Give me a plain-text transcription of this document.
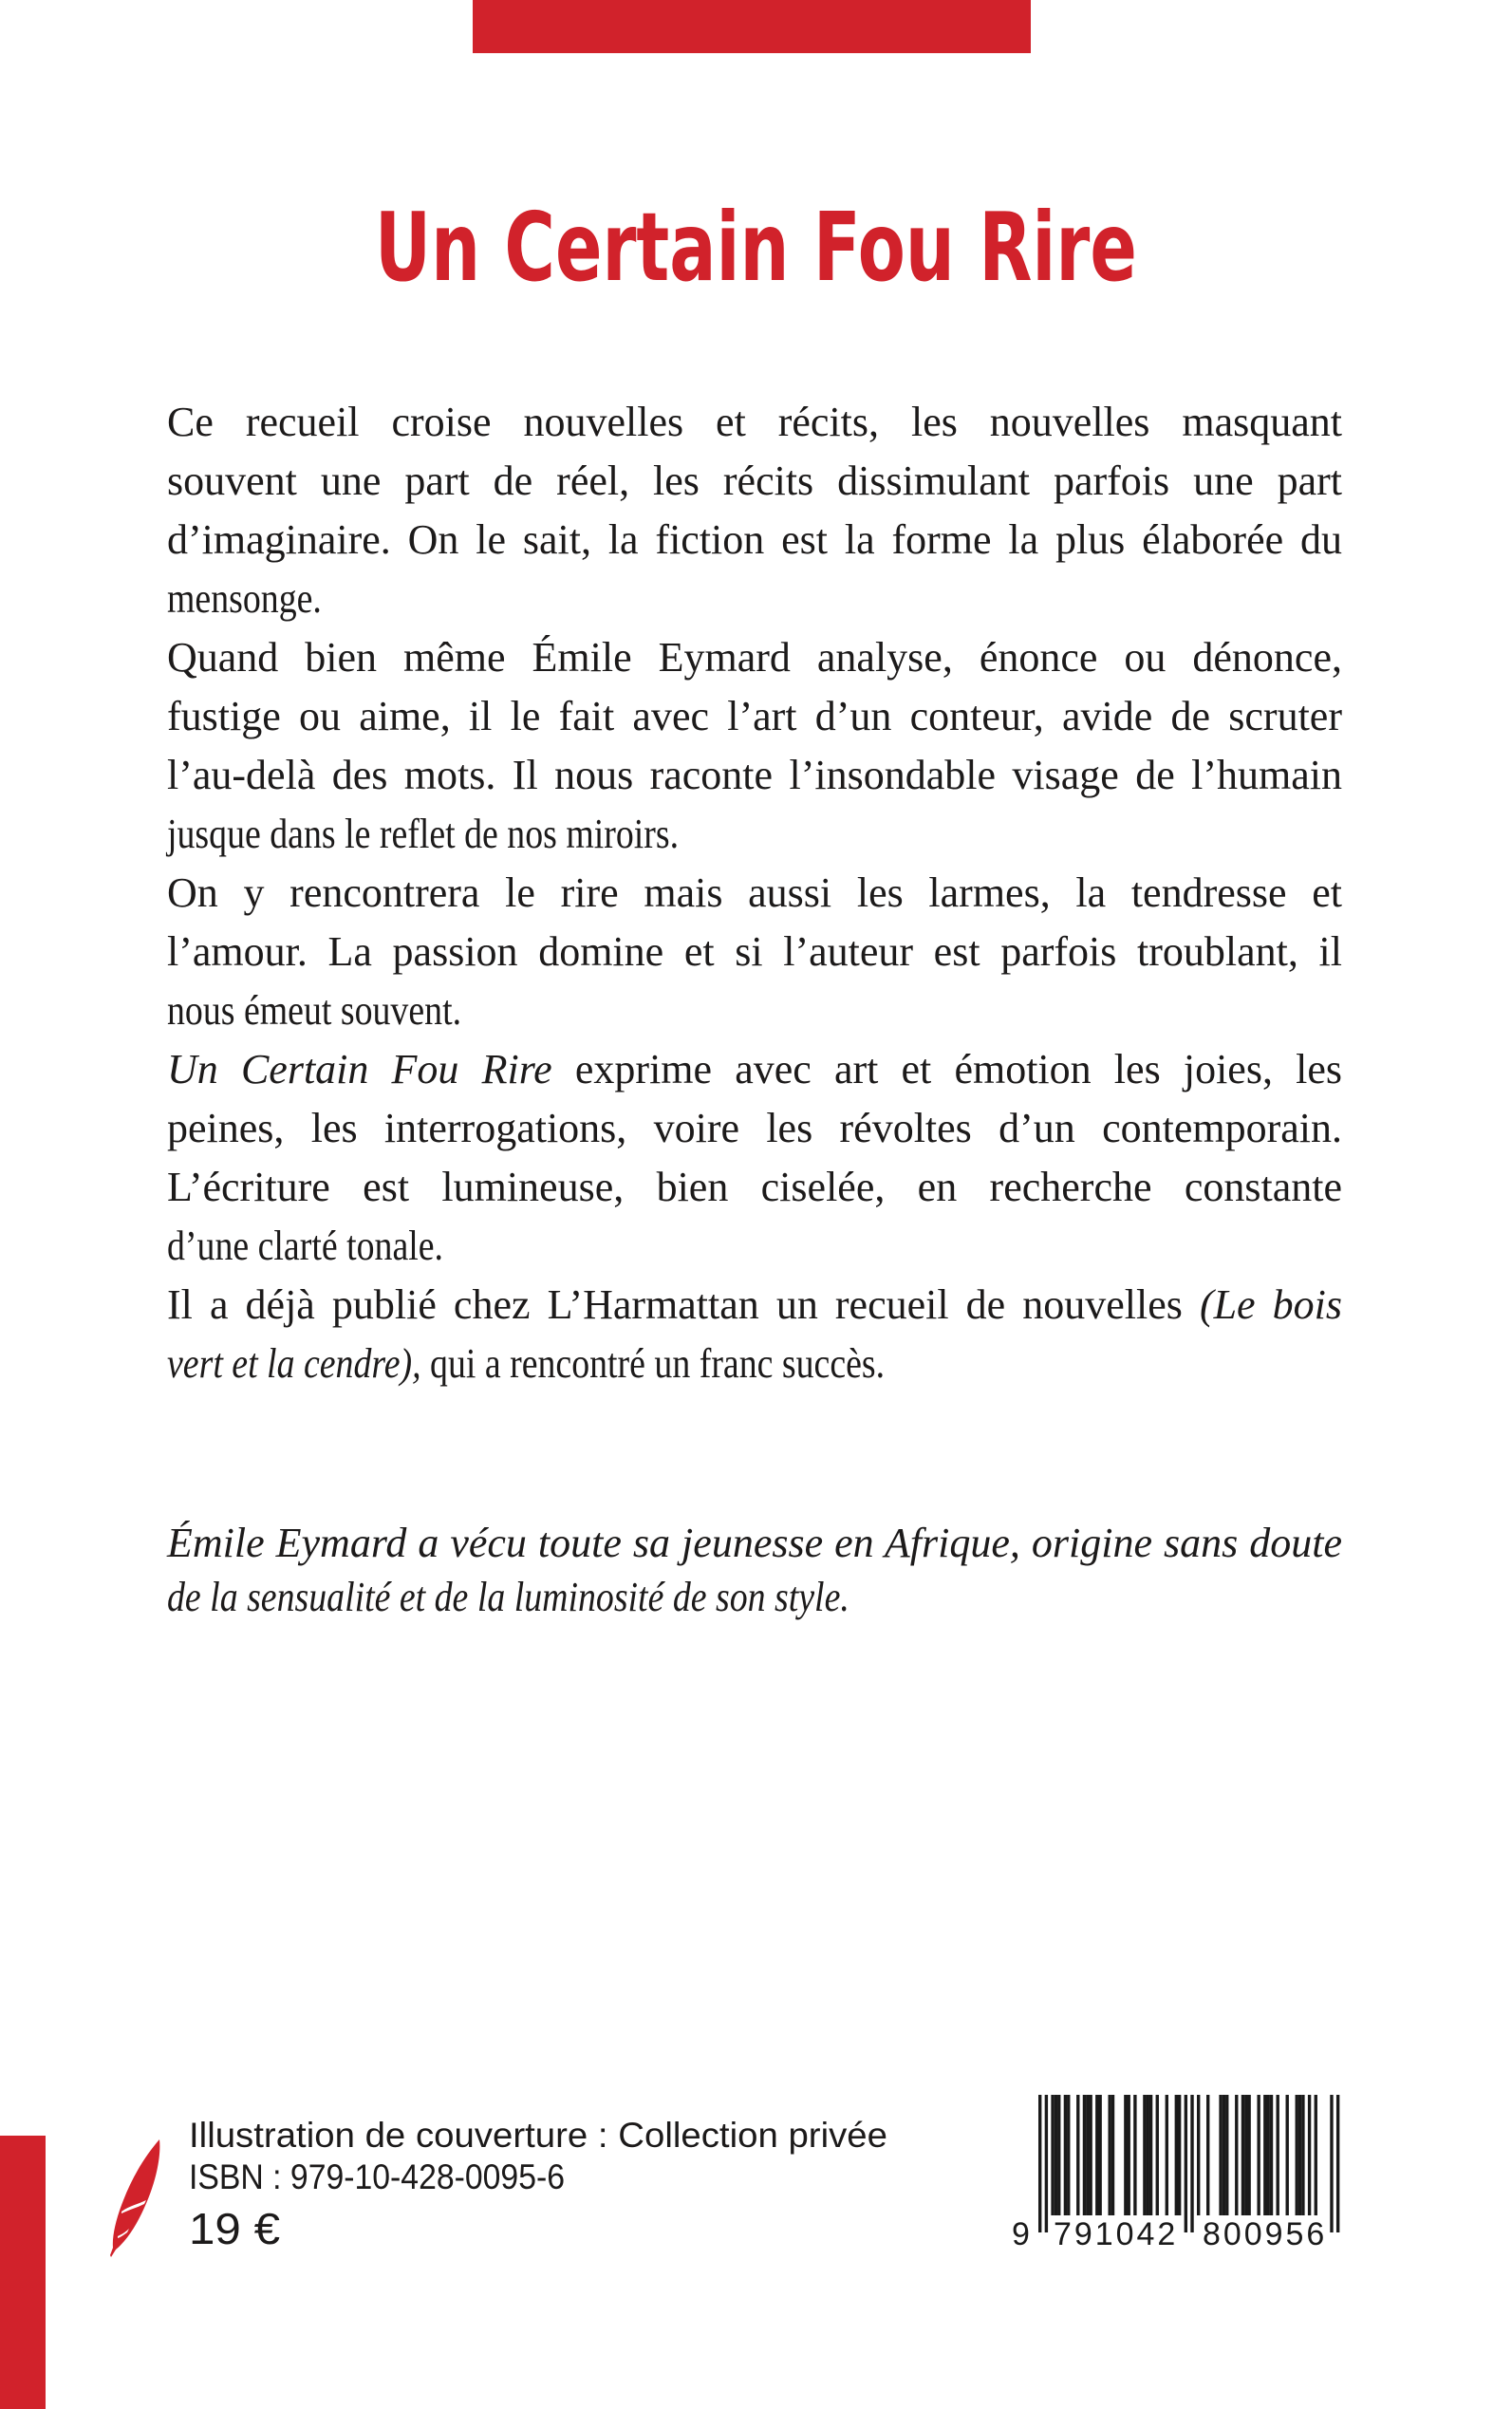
Un Certain Fou Rire
Ce recueil croise nouvelles et récits, les nouvelles masquant
souvent une part de réel, les récits dissimulant parfois une part
d’imaginaire. On le sait, la fiction est la forme la plus élaborée du
mensonge.
Quand bien même Émile Eymard analyse, énonce ou dénonce,
fustige ou aime, il le fait avec l’art d’un conteur, avide de scruter
l’au-delà des mots. Il nous raconte l’insondable visage de l’humain
jusque dans le reflet de nos miroirs.
On y rencontrera le rire mais aussi les larmes, la tendresse et
l’amour. La passion domine et si l’auteur est parfois troublant, il
nous émeut souvent.
Un Certain Fou Rire exprime avec art et émotion les joies, les
peines, les interrogations, voire les révoltes d’un contemporain.
L’écriture est lumineuse, bien ciselée, en recherche constante
d’une clarté tonale.
Il a déjà publié chez L’Harmattan un recueil de nouvelles (Le bois
vert et la cendre), qui a rencontré un franc succès.
Émile Eymard a vécu toute sa jeunesse en Afrique, origine sans doute
de la sensualité et de la luminosité de son style.
Illustration de couverture : Collection privée
ISBN : 979-10-428-0095-6
19 €	9 791042 800956
